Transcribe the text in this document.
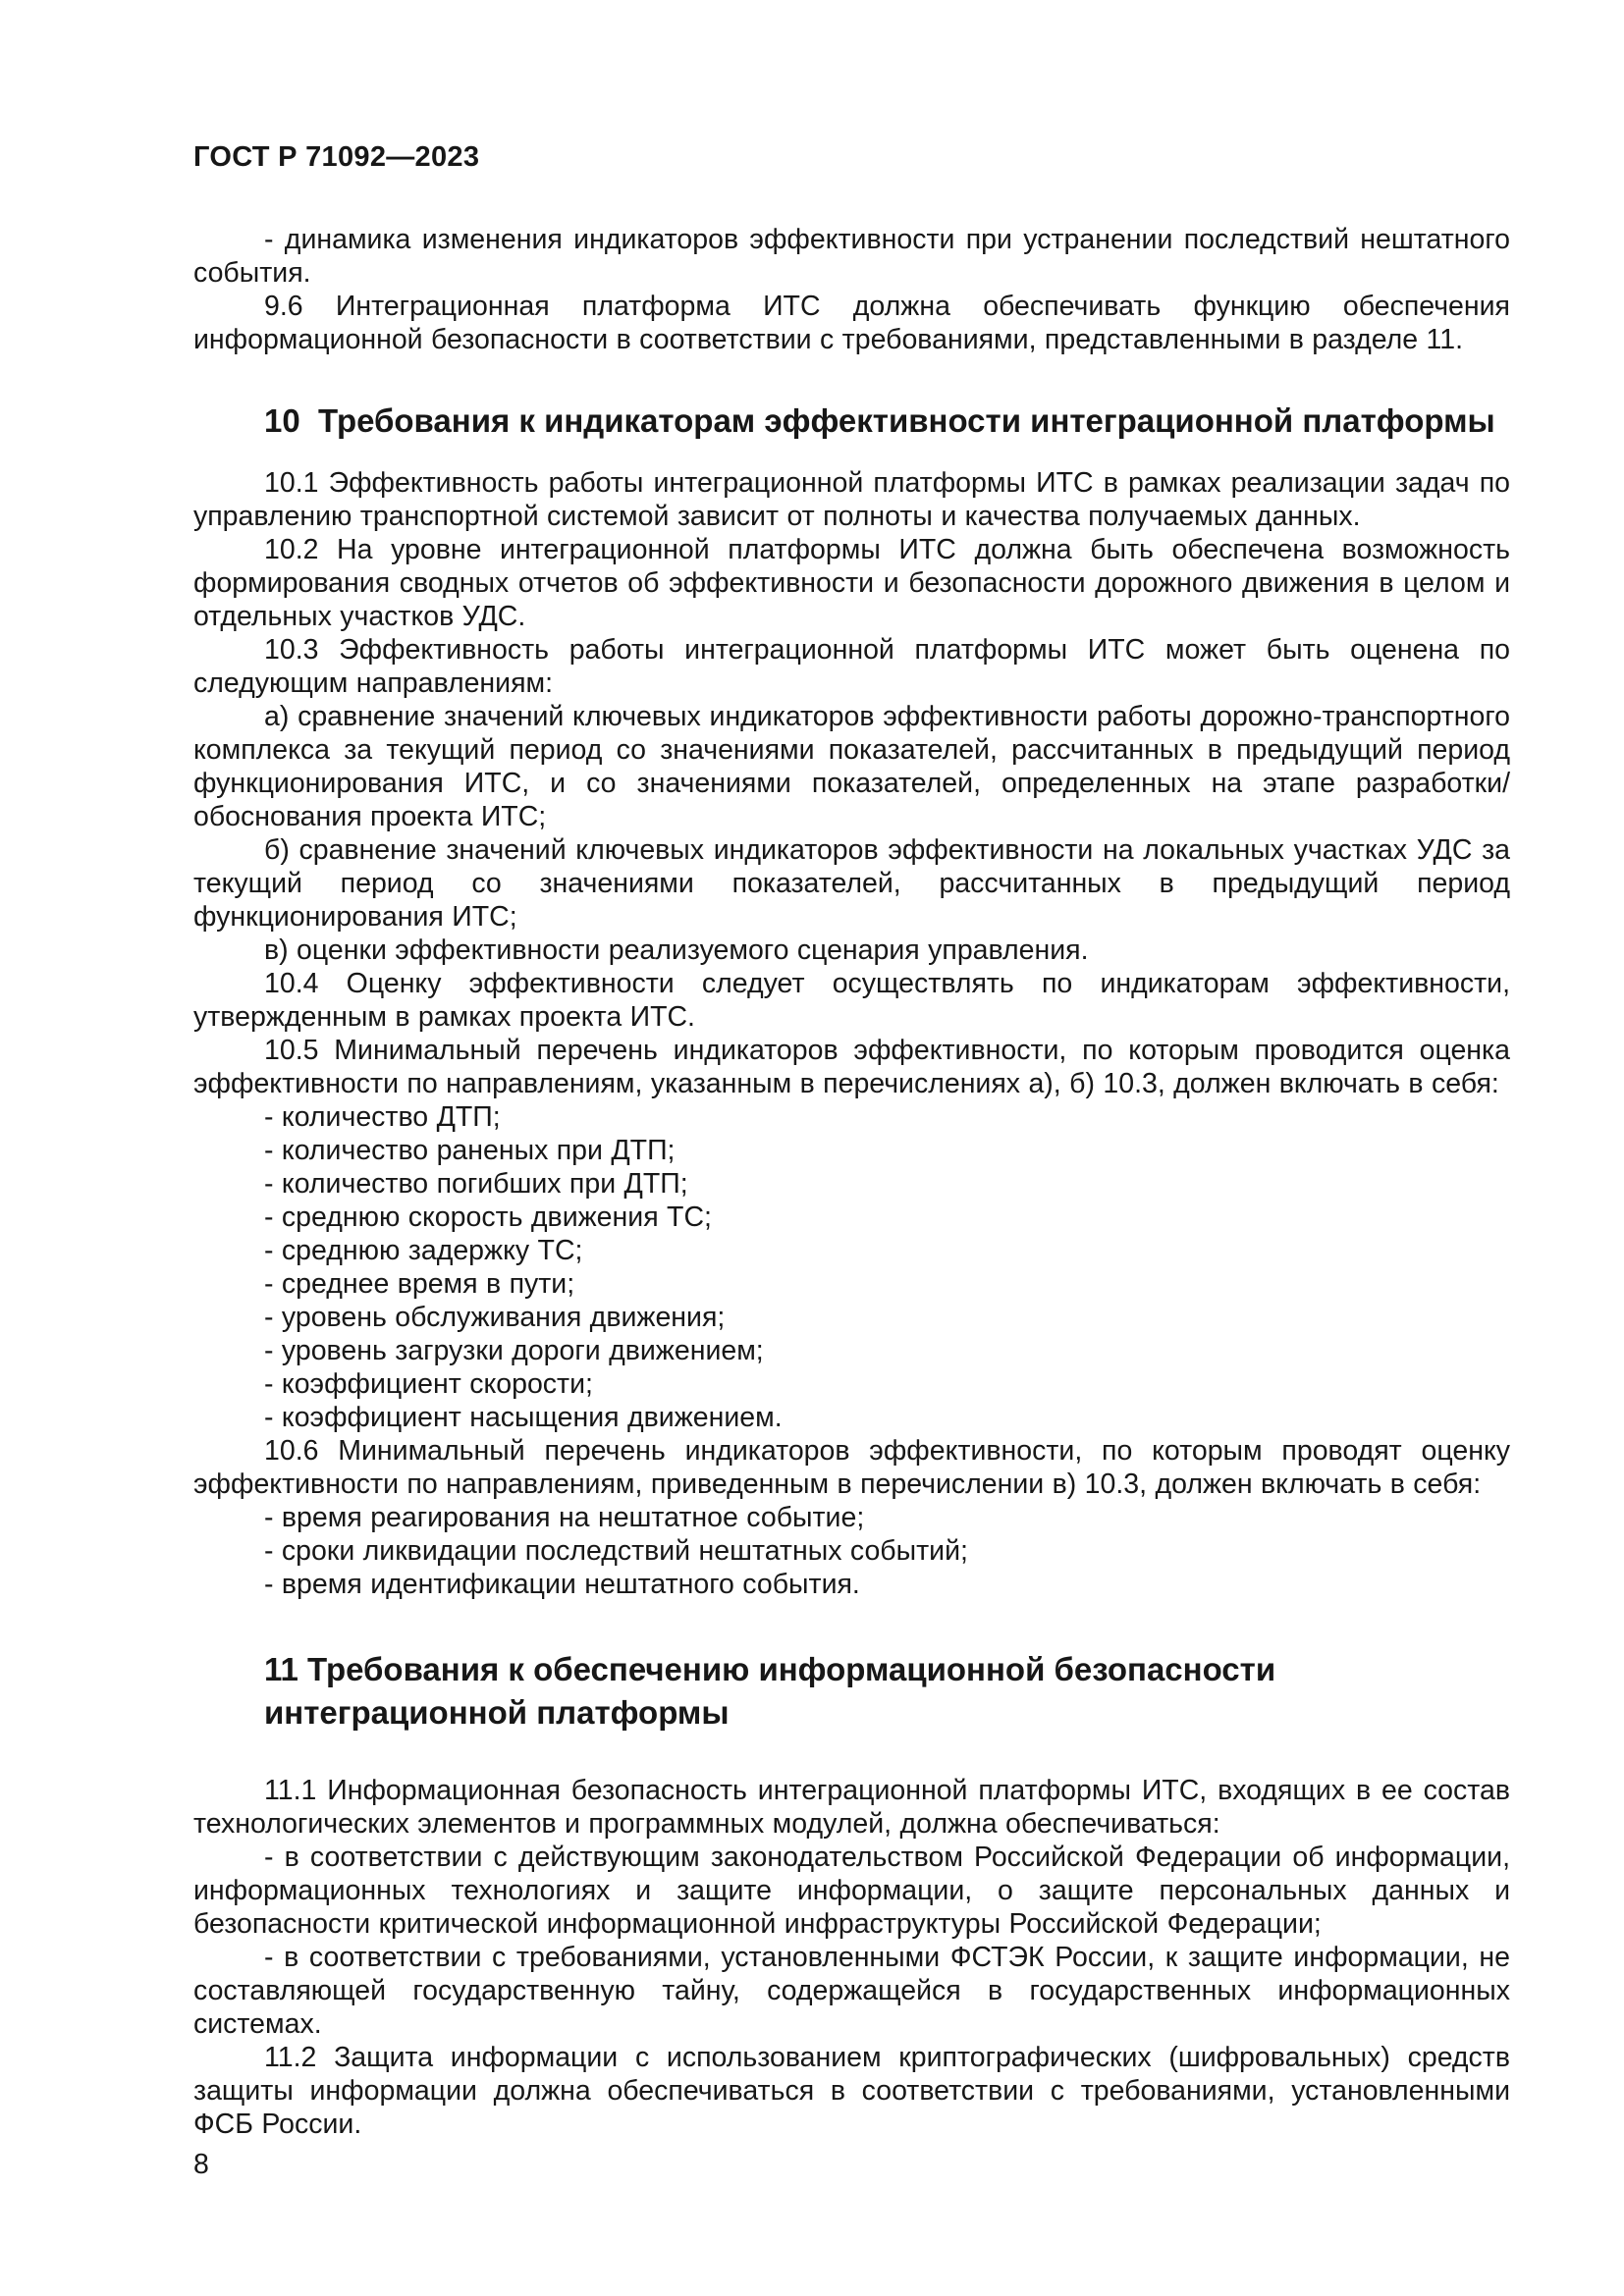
ГОСТ Р 71092—2023

- динамика изменения индикаторов эффективности при устранении последствий нештатного события.

9.6 Интеграционная платформа ИТС должна обеспечивать функцию обеспечения информационной безопасности в соответствии с требованиями, представленными в разделе 11.

10  Требования к индикаторам эффективности интеграционной платформы

10.1 Эффективность работы интеграционной платформы ИТС в рамках реализации задач по управлению транспортной системой зависит от полноты и качества получаемых данных.

10.2 На уровне интеграционной платформы ИТС должна быть обеспечена возможность формирования сводных отчетов об эффективности и безопасности дорожного движения в целом и отдельных участков УДС.

10.3 Эффективность работы интеграционной платформы ИТС может быть оценена по следующим направлениям:

а) сравнение значений ключевых индикаторов эффективности работы дорожно-транспортного комплекса за текущий период со значениями показателей, рассчитанных в предыдущий период функционирования ИТС, и со значениями показателей, определенных на этапе разработки/обоснования проекта ИТС;

б) сравнение значений ключевых индикаторов эффективности на локальных участках УДС за текущий период со значениями показателей, рассчитанных в предыдущий период функционирования ИТС;

в) оценки эффективности реализуемого сценария управления.

10.4 Оценку эффективности следует осуществлять по индикаторам эффективности, утвержденным в рамках проекта ИТС.

10.5 Минимальный перечень индикаторов эффективности, по которым проводится оценка эффективности по направлениям, указанным в перечислениях а), б) 10.3, должен включать в себя:

- количество ДТП;

- количество раненых при ДТП;

- количество погибших при ДТП;

- среднюю скорость движения ТС;

- среднюю задержку ТС;

- среднее время в пути;

- уровень обслуживания движения;

- уровень загрузки дороги движением;

- коэффициент скорости;

- коэффициент насыщения движением.

10.6 Минимальный перечень индикаторов эффективности, по которым проводят оценку эффективности по направлениям, приведенным в перечислении в) 10.3, должен включать в себя:

- время реагирования на нештатное событие;

- сроки ликвидации последствий нештатных событий;

- время идентификации нештатного события.

11 Требования к обеспечению информационной безопасности интеграционной платформы

11.1 Информационная безопасность интеграционной платформы ИТС, входящих в ее состав технологических элементов и программных модулей, должна обеспечиваться:

- в соответствии с действующим законодательством Российской Федерации об информации, информационных технологиях и защите информации, о защите персональных данных и безопасности критической информационной инфраструктуры Российской Федерации;

- в соответствии с требованиями, установленными ФСТЭК России, к защите информации, не составляющей государственную тайну, содержащейся в государственных информационных системах.

11.2 Защита информации с использованием криптографических (шифровальных) средств защиты информации должна обеспечиваться в соответствии с требованиями, установленными ФСБ России.

8
